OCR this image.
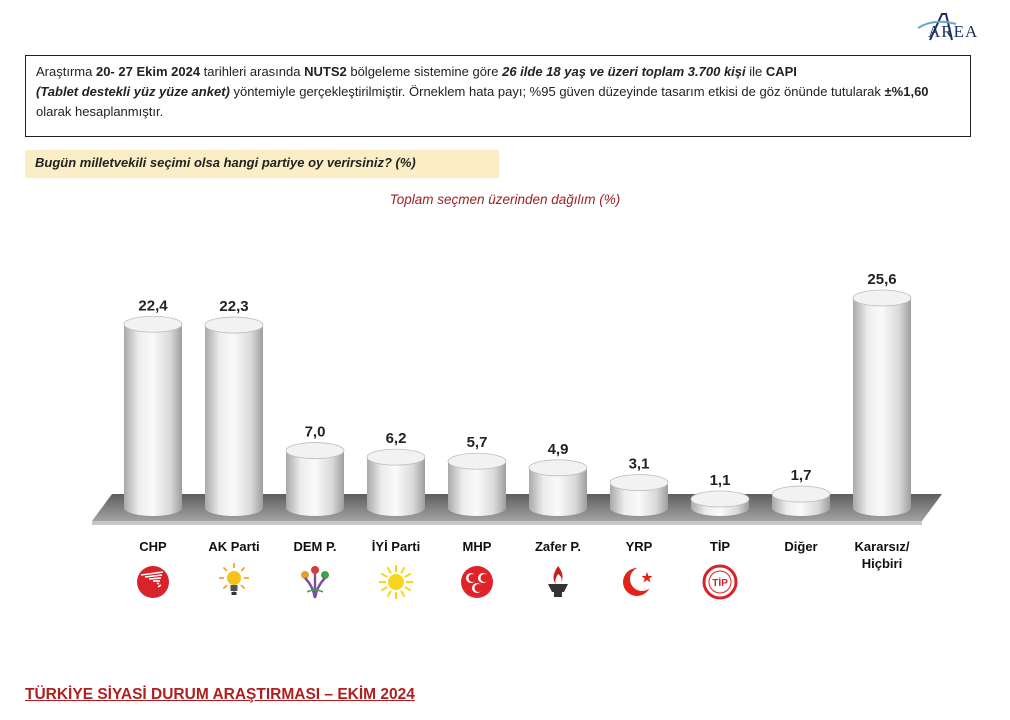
AREA
Araştırma 20- 27 Ekim 2024 tarihleri arasında NUTS2 bölgeleme sistemine göre 26 ilde 18 yaş ve üzeri toplam 3.700 kişi ile CAPI
(Tablet destekli yüz yüze anket) yöntemiyle gerçekleştirilmiştir. Örneklem hata payı; %95 güven düzeyinde tasarım etkisi de göz önünde tutularak ±%1,60 olarak hesaplanmıştır.
Bugün milletvekili seçimi olsa hangi partiye oy verirsiniz? (%)
Toplam seçmen üzerinden dağılım (%)
22,4	22,3
7,0	6,2	5,7	4,9
3,1
1,1	1,7
25,6
CHP	AK Parti	DEM P.	İYİ Parti	MHP	Zafer P.	YRP	TİP	Diğer	Kararsız/
Hiçbiri
TİP
TÜRKİYE SİYASİ DURUM ARAŞTIRMASI – EKİM 2024
